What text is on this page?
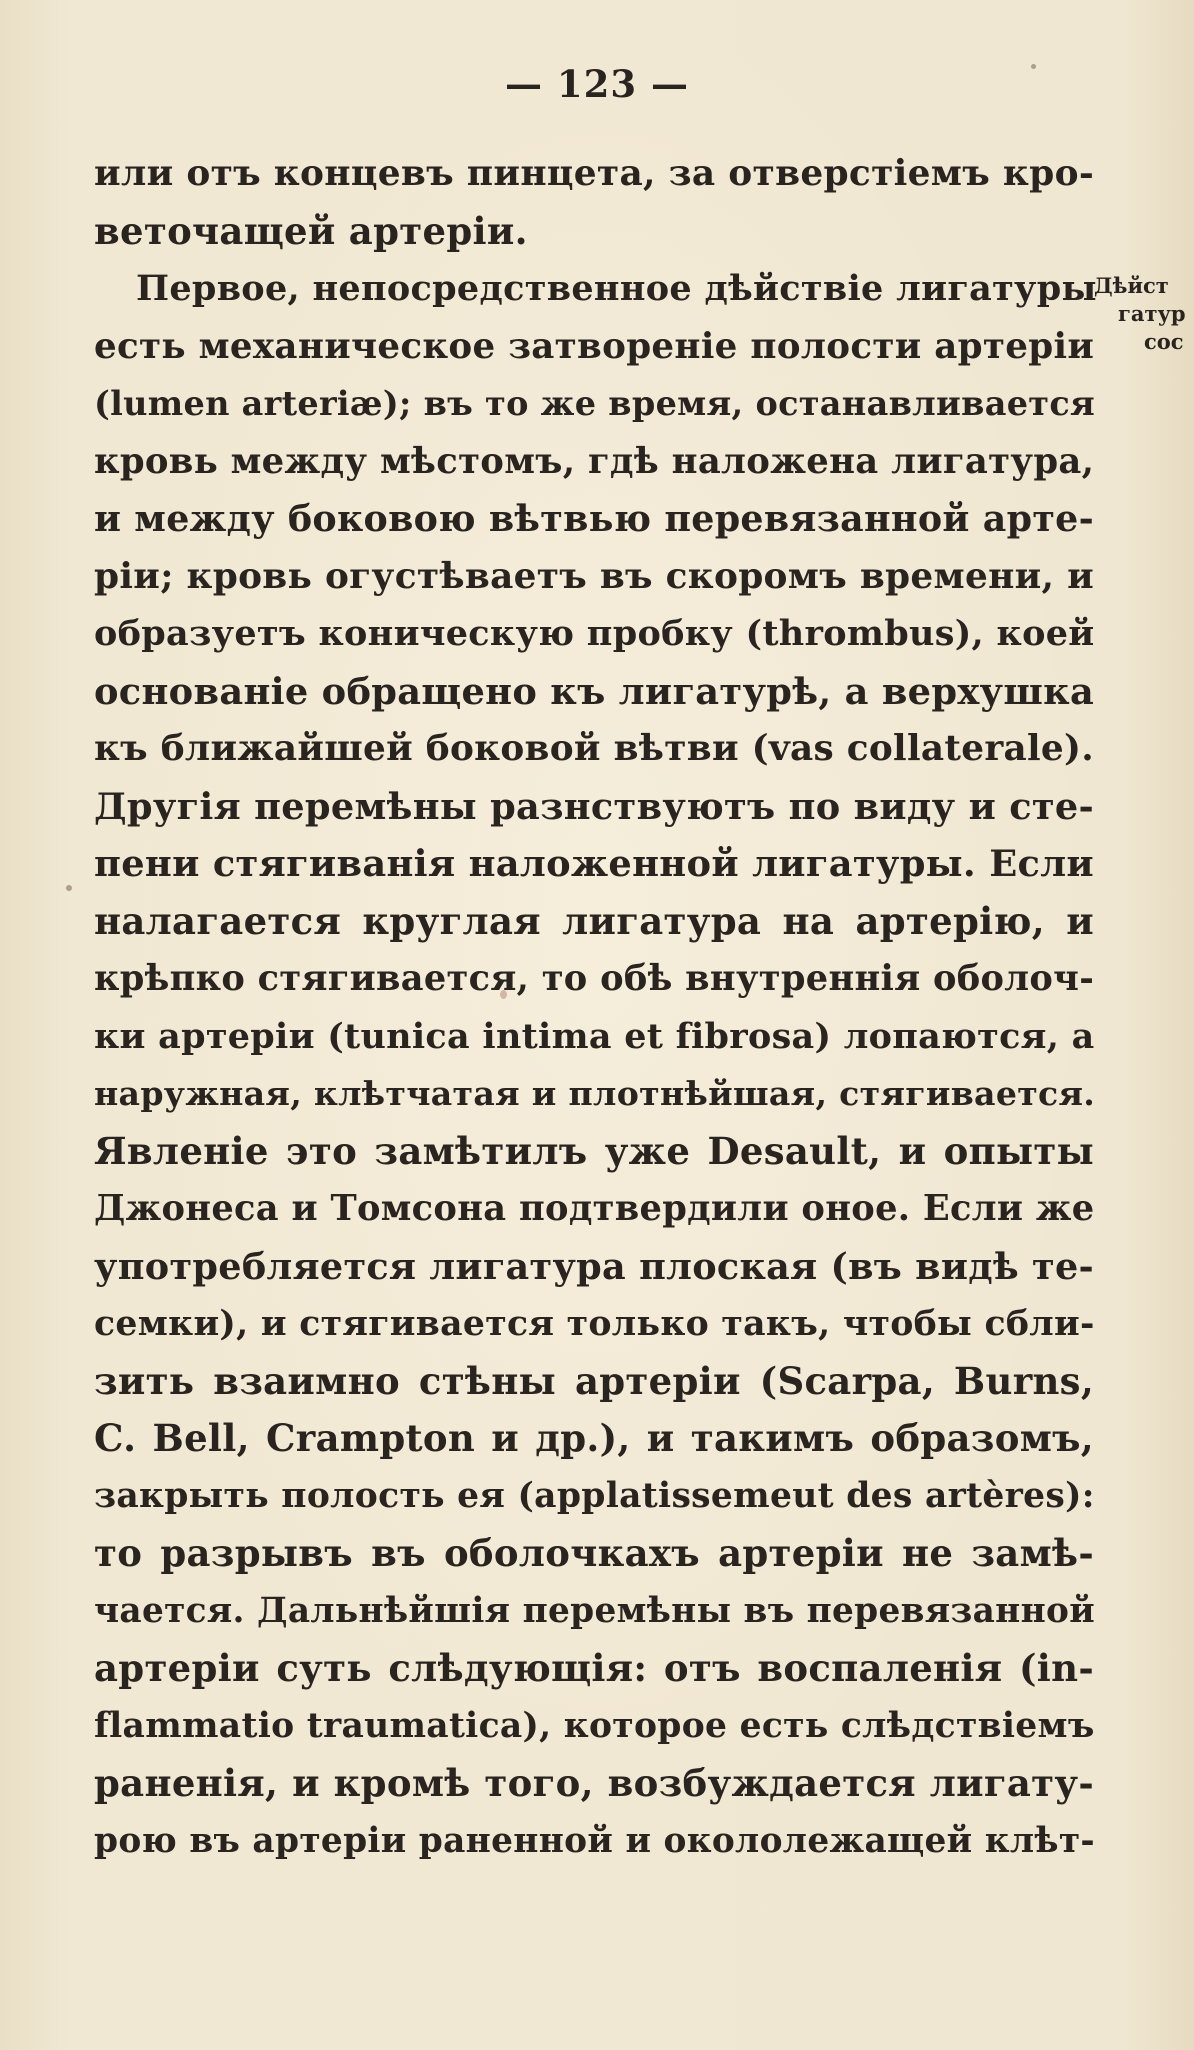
— 123 —
или отъ концевъ пинцета, за отверстіемъ кро-
веточащей артеріи.
Первое, непосредственное дѣйствіе лигатуры
есть механическое затвореніе полости артеріи
(lumen arteriæ); въ то же время, останавливается
кровь между мѣстомъ, гдѣ наложена лигатура,
и между боковою вѣтвью перевязанной арте-
ріи; кровь огустѣваетъ въ скоромъ времени, и
образуетъ коническую пробку (thrombus), коей
основаніе обращено къ лигатурѣ, а верхушка
къ ближайшей боковой вѣтви (vas collaterale).
Другія перемѣны разнствуютъ по виду и сте-
пени стягиванія наложенной лигатуры. Если
налагается круглая лигатура на артерію, и
крѣпко стягивается, то обѣ внутреннія оболоч-
ки артеріи (tunica intima et fibrosa) лопаются, а
наружная, клѣтчатая и плотнѣйшая, стягивается.
Явленіе это замѣтилъ уже Desault, и опыты
Джонеса и Томсона подтвердили оное. Если же
употребляется лигатура плоская (въ видѣ те-
семки), и стягивается только такъ, чтобы сбли-
зить взаимно стѣны артеріи (Scarpa, Burns,
C. Bell, Crampton и др.), и такимъ образомъ,
закрыть полость ея (applatissemeut des artères):
то разрывъ въ оболочкахъ артеріи не замѣ-
чается. Дальнѣйшія перемѣны въ перевязанной
артеріи суть слѣдующія: отъ воспаленія (in-
flammatio traumatica), которое есть слѣдствіемъ
раненія, и кромѣ того, возбуждается лигату-
рою въ артеріи раненной и окололежащей клѣт-
Дѣйст
гатур
сос
